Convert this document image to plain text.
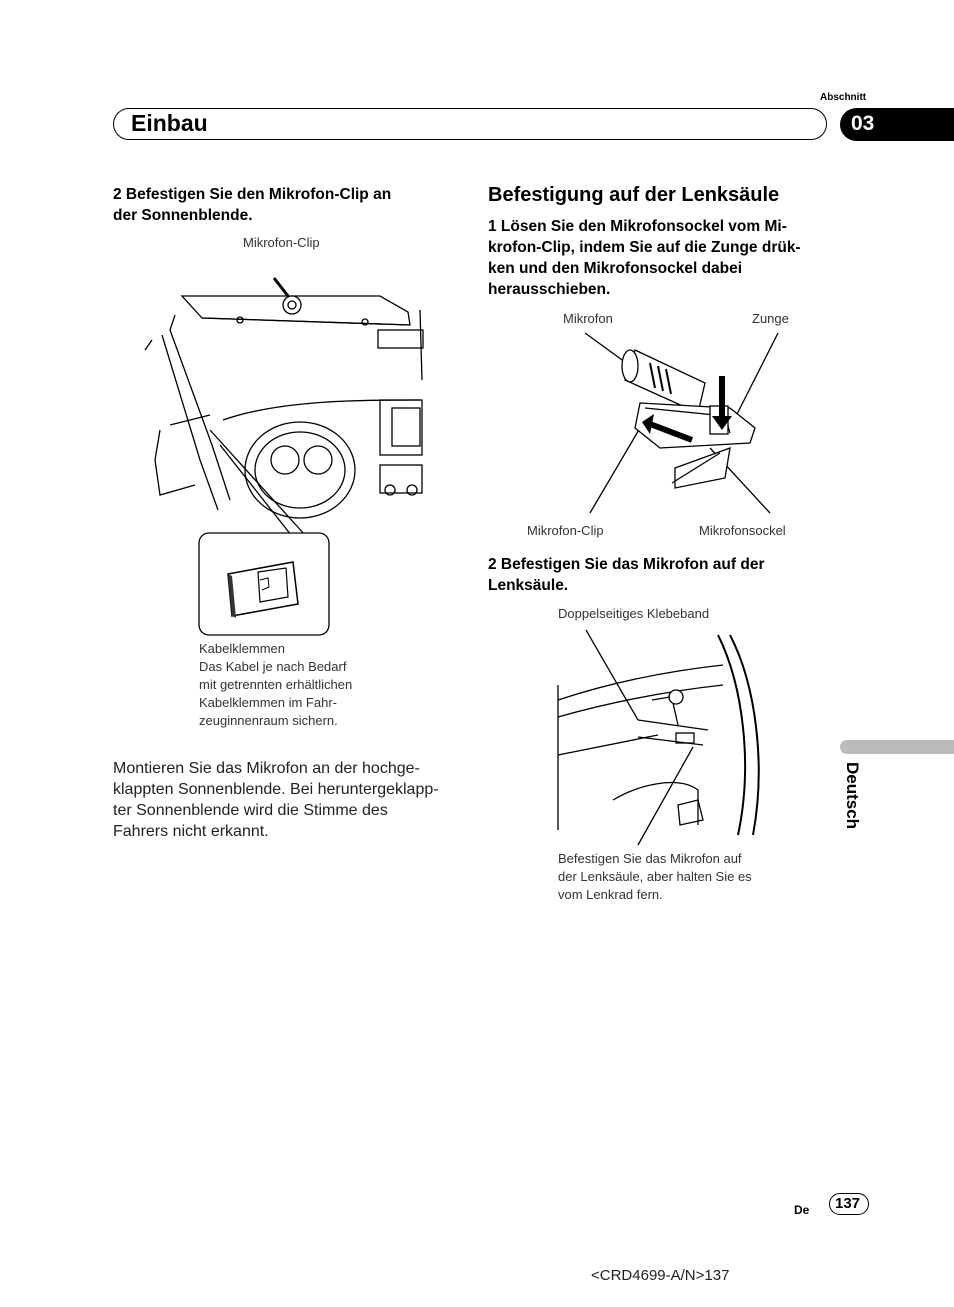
Abschnitt
Einbau	03
2 Befestigen Sie den Mikrofon-Clip an
der Sonnenblende.
Mikrofon-Clip
Kabelklemmen
Das Kabel je nach Bedarf
mit getrennten erhältlichen
Kabelklemmen im Fahr-
zeuginnenraum sichern.
Montieren Sie das Mikrofon an der hochge-
klappten Sonnenblende. Bei heruntergeklapp-
ter Sonnenblende wird die Stimme des
Fahrers nicht erkannt.
Befestigung auf der Lenksäule
1 Lösen Sie den Mikrofonsockel vom Mi-
krofon-Clip, indem Sie auf die Zunge drük-
ken und den Mikrofonsockel dabei
herausschieben.
Mikrofon	Zunge
Mikrofon-Clip	Mikrofonsockel
2 Befestigen Sie das Mikrofon auf der
Lenksäule.
Doppelseitiges Klebeband
Befestigen Sie das Mikrofon auf
der Lenksäule, aber halten Sie es
vom Lenkrad fern.
Deutsch
De 137
<CRD4699-A/N>137
